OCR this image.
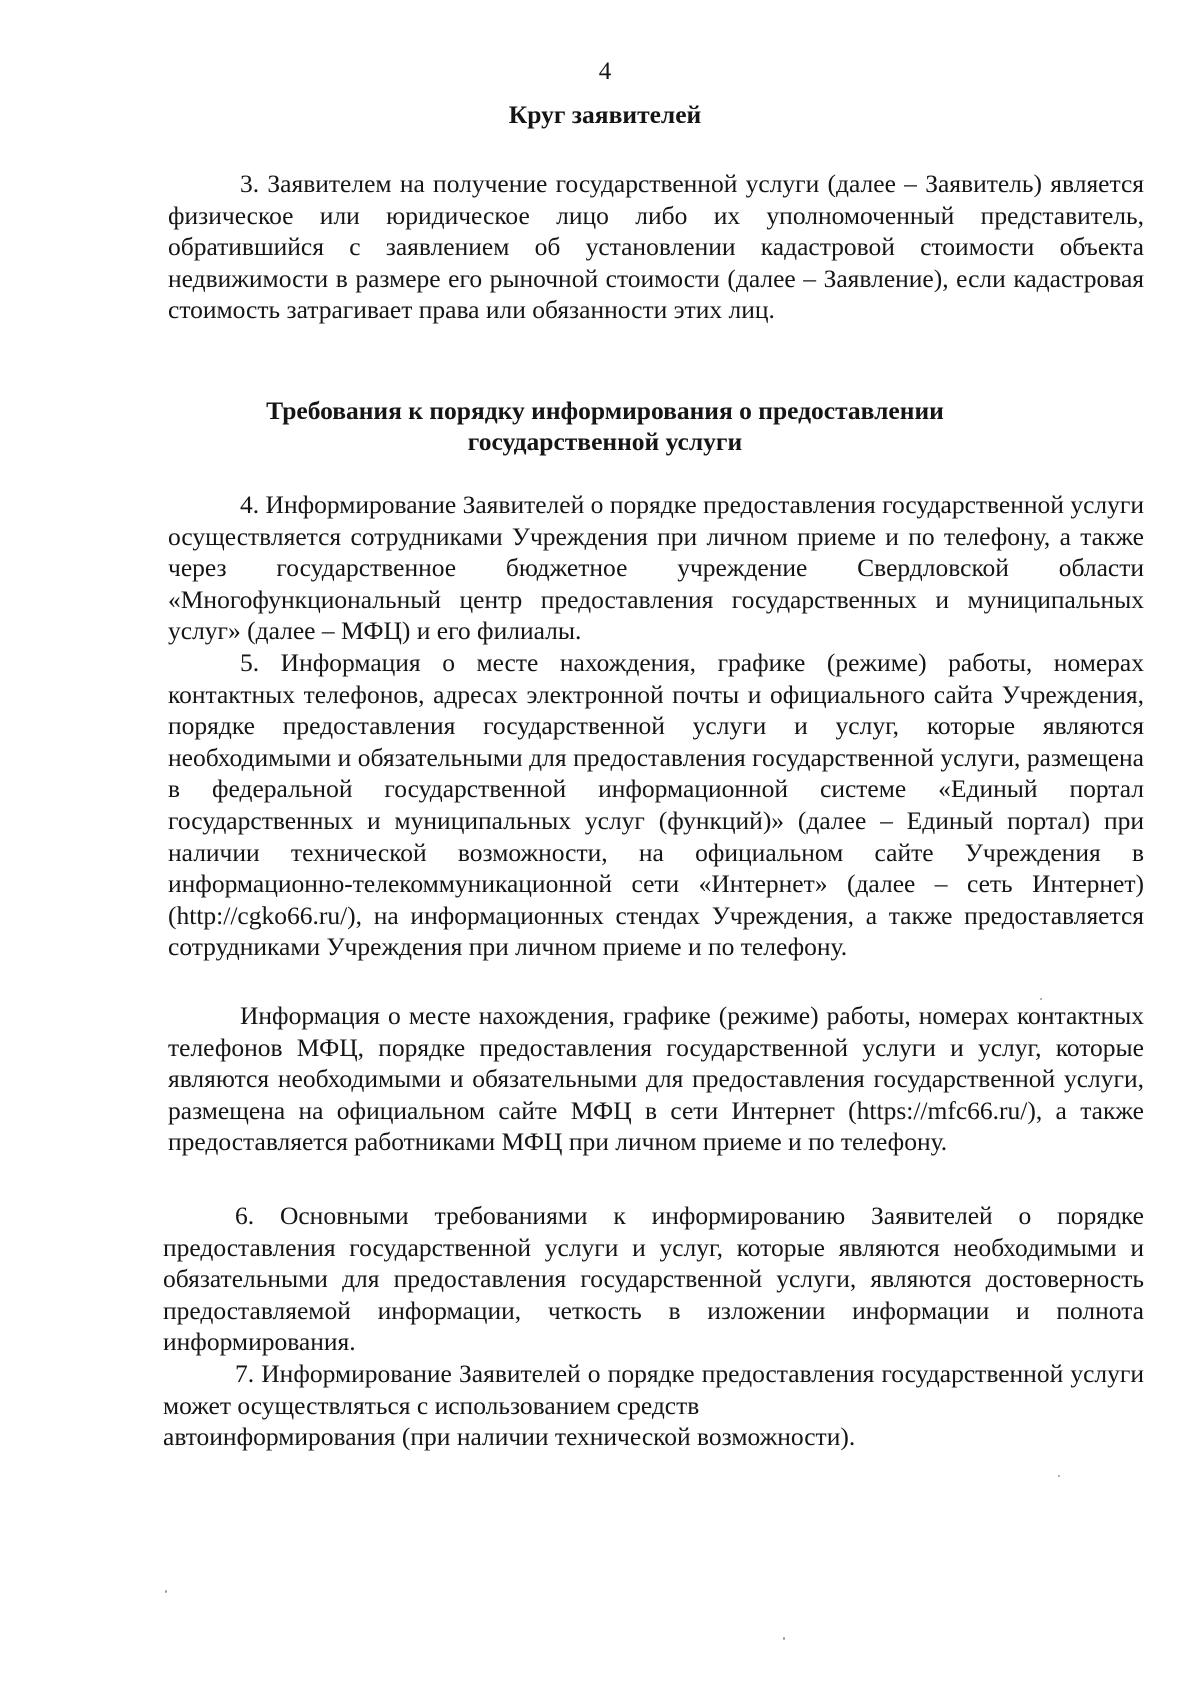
4
Круг заявителей

3. Заявителем на получение государственной услуги (далее – Заявитель) является физическое или юридическое лицо либо их уполномоченный представитель, обратившийся с заявлением об установлении кадастровой стоимости объекта недвижимости в размере его рыночной стоимости (далее – Заявление), если кадастровая стоимость затрагивает права или обязанности этих лиц.

Требования к порядку информирования о предоставлении
государственной услуги

4. Информирование Заявителей о порядке предоставления государственной услуги осуществляется сотрудниками Учреждения при личном приеме и по телефону, а также через государственное бюджетное учреждение Свердловской области «Многофункциональный центр предоставления государственных и муниципальных услуг» (далее – МФЦ) и его филиалы.

5. Информация о месте нахождения, графике (режиме) работы, номерах контактных телефонов, адресах электронной почты и официального сайта Учреждения, порядке предоставления государственной услуги и услуг, которые являются необходимыми и обязательными для предоставления государственной услуги, размещена в федеральной государственной информационной системе «Единый портал государственных и муниципальных услуг (функций)» (далее – Единый портал) при наличии технической возможности, на официальном сайте Учреждения в информационно-телекоммуникационной сети «Интернет» (далее – сеть Интернет) (http://cgko66.ru/), на информационных стендах Учреждения, а также предоставляется сотрудниками Учреждения при личном приеме и по телефону.

Информация о месте нахождения, графике (режиме) работы, номерах контактных телефонов МФЦ, порядке предоставления государственной услуги и услуг, которые являются необходимыми и обязательными для предоставления государственной услуги, размещена на официальном сайте МФЦ в сети Интернет (https://mfc66.ru/), а также предоставляется работниками МФЦ при личном приеме и по телефону.

6. Основными требованиями к информированию Заявителей о порядке предоставления государственной услуги и услуг, которые являются необходимыми и обязательными для предоставления государственной услуги, являются достоверность предоставляемой информации, четкость в изложении информации и полнота информирования.

7. Информирование Заявителей о порядке предоставления государственной услуги может осуществляться с использованием средств

автоинформирования (при наличии технической возможности).
